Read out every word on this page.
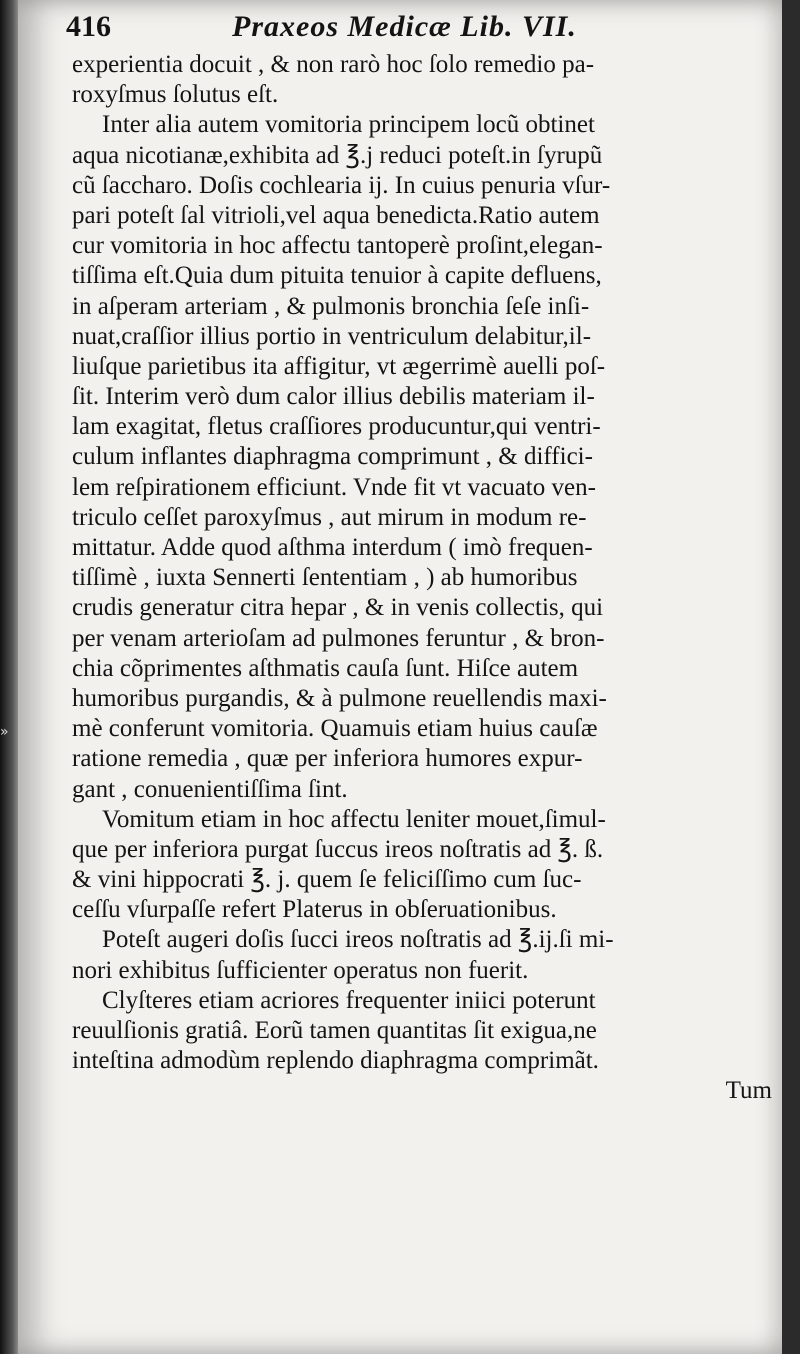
»
416	Praxeos Medicæ Lib. VII.
experientia docuit , & non rarò hoc ſolo remedio pa-
roxyſmus ſolutus eſt.
Inter alia autem vomitoria principem locũ obtinet
aqua nicotianæ,exhibita ad ℥.j reduci poteſt.in ſyrupũ
cũ ſaccharo. Doſis cochlearia ij. In cuius penuria vſur-
pari poteſt ſal vitrioli,vel aqua benedicta.Ratio autem
cur vomitoria in hoc affectu tantoperè proſint,elegan-
tiſſima eſt.Quia dum pituita tenuior à capite defluens,
in aſperam arteriam , & pulmonis bronchia ſeſe inſi-
nuat,craſſior illius portio in ventriculum delabitur,il-
liuſque parietibus ita affigitur, vt ægerrimè auelli poſ-
ſit. Interim verò dum calor illius debilis materiam il-
lam exagitat, fletus craſſiores producuntur,qui ventri-
culum inflantes diaphragma comprimunt , & diffici-
lem reſpirationem efficiunt. Vnde fit vt vacuato ven-
triculo ceſſet paroxyſmus , aut mirum in modum re-
mittatur. Adde quod aſthma interdum ( imò frequen-
tiſſimè , iuxta Sennerti ſententiam , ) ab humoribus
crudis generatur citra hepar , & in venis collectis, qui
per venam arterioſam ad pulmones feruntur , & bron-
chia cõprimentes aſthmatis cauſa ſunt. Hiſce autem
humoribus purgandis, & à pulmone reuellendis maxi-
mè conferunt vomitoria. Quamuis etiam huius cauſæ
ratione remedia , quæ per inferiora humores expur-
gant , conuenientiſſima ſint.
Vomitum etiam in hoc affectu leniter mouet,ſimul-
que per inferiora purgat ſuccus ireos noſtratis ad ℥. ß.
& vini hippocrati ℥. j. quem ſe feliciſſimo cum ſuc-
ceſſu vſurpaſſe refert Platerus in obſeruationibus.
Poteſt augeri doſis ſucci ireos noſtratis ad ℥.ij.ſi mi-
nori exhibitus ſufficienter operatus non fuerit.
Clyſteres etiam acriores frequenter iniici poterunt
reuulſionis gratiâ. Eorũ tamen quantitas ſit exigua,ne
inteſtina admodùm replendo diaphragma comprimãt.
Tum
